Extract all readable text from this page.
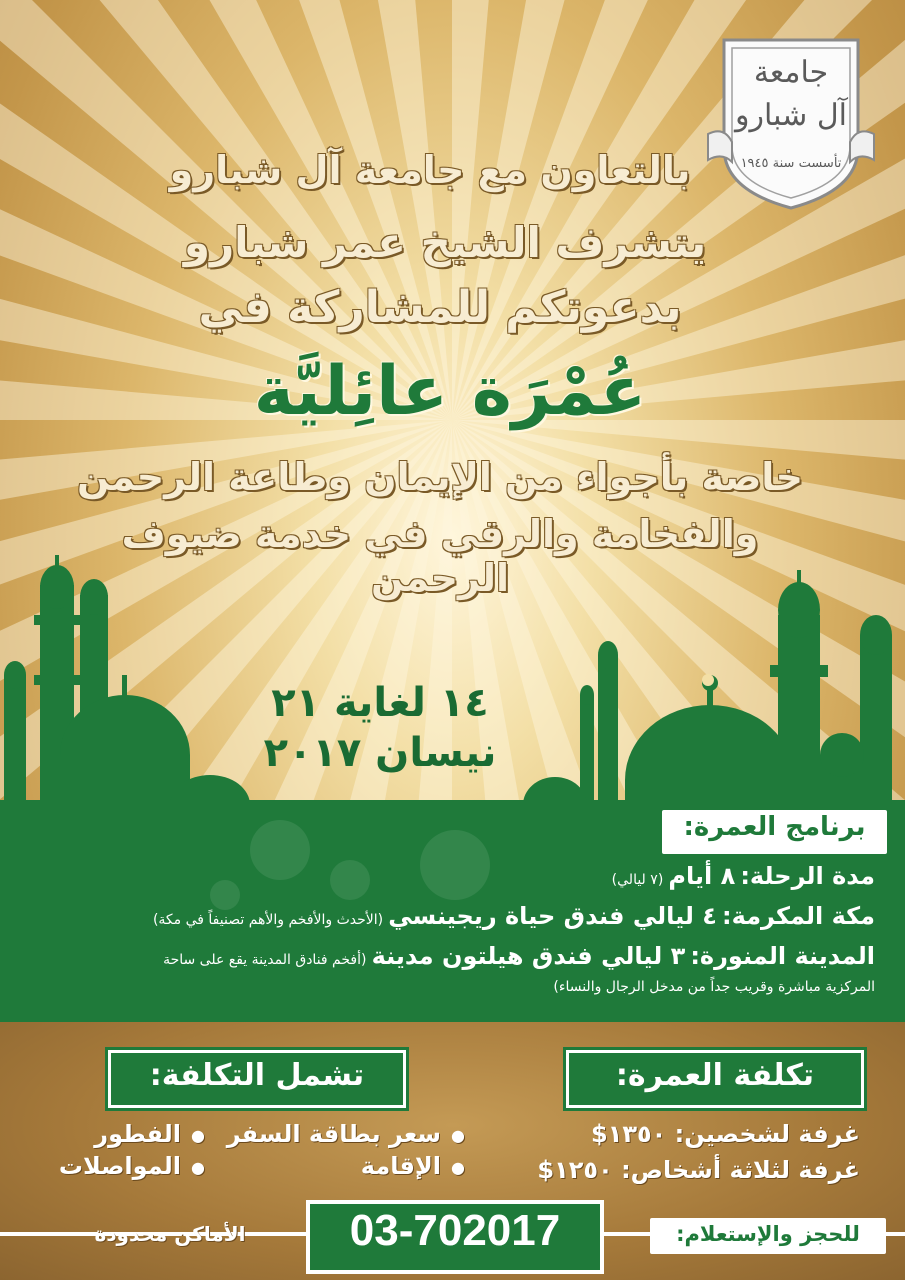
جامعة
آل شبارو
تأسست سنة ١٩٤٥
بالتعاون مع جامعة آل شبارو
يتشرف الشيخ عمر شبارو
بدعوتكم للمشاركة في
عُمْرَة عائِليَّة
خاصة بأجواء من الإيمان وطاعة الرحمن
والفخامة والرقي في خدمة ضيوف الرحمن
١٤ لغاية ٢١
نيسان ٢٠١٧
برنامج العمرة:
مدة الرحلة: ٨ أيام (٧ ليالي)
مكة المكرمة: ٤ ليالي فندق حياة ريجينسي (الأحدث والأفخم والأهم تصنيفاً في مكة)
المدينة المنورة: ٣ ليالي فندق هيلتون مدينة (أفخم فنادق المدينة يقع على ساحة
المركزية مباشرة وقريب جداً من مدخل الرجال والنساء)
تكلفة العمرة:
تشمل التكلفة:
غرفة لشخصين: ١٣٥٠$
غرفة لثلاثة أشخاص: ١٢٥٠$
● سعر بطاقة السفر
● الفطور
● الإقامة
● المواصلات
للحجز والإستعلام:
03-702017
الأماكن محدودة
